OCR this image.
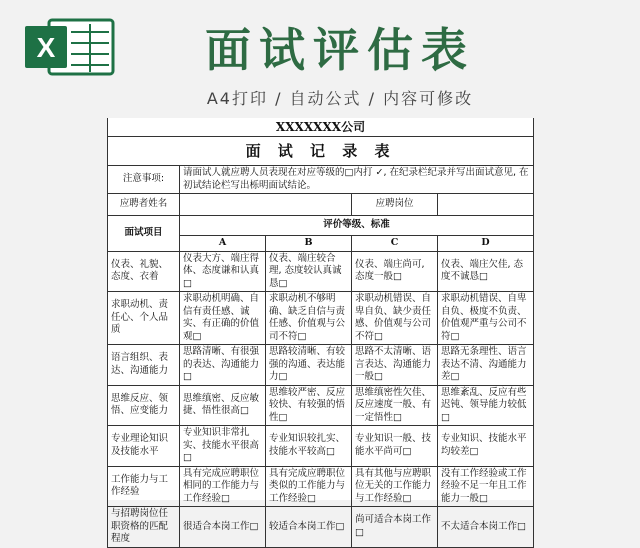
X	面试评估表
A4打印 / 自动公式 / 内容可修改
XXXXXXX公司				
面 试 记 录 表				
注意事项:	请面试人就应聘人员表现在对应等级的□内打 ✓, 在纪录栏纪录并写出面试意见, 在初试结论栏写出栎明面试结论。			
应聘者姓名			应聘岗位	
面试项目	评价等级、标准			
	A	B	C	D
仪表、礼貌、态度、衣着	仪表大方、端庄得体、态度谦和认真□	仪表、端庄较合理, 态度较认真诚恳□	仪表、端庄尚可, 态度一般□	仪表、端庄欠佳, 态度不诚恳□
求职动机、责任心、个人品质	求职动机明确、自信有责任感、诚实、有正确的价值观□	求职动机不够明确、缺乏自信与责任感、价值观与公司不符□	求职动机错误、自卑自负、缺少责任感、价值观与公司不符□	求职动机错误、自卑自负、极度不负责、价值观严重与公司不符□
语言组织、表达、沟通能力	思路清晰、有很强的表达、沟通能力□	思路较清晰、有较强的沟通、表达能力□	思路不太清晰、语言表达、沟通能力一般□	思路无条理性、语言表达不清、沟通能力差□
思维反应、领悟、应变能力	思维缜密、反应敏捷、悟性很高□	思维较严密、反应较快、有较强的悟性□	思维缜密性欠佳、反应速度一般、有一定悟性□	思维紊乱、反应有些迟钝、领导能力较低□
专业理论知识及技能水平	专业知识非常扎实、技能水平很高□	专业知识较扎实、技能水平较高□	专业知识一般、技能水平尚可□	专业知识、技能水平均较差□
工作能力与工作经验	具有完成应聘职位相同的工作能力与工作经验□	具有完成应聘职位类似的工作能力与工作经验□	具有其他与应聘职位无关的工作能力与工作经验□	没有工作经验或工作经验不足一年且工作能力一般□
与招聘岗位任职资格的匹配程度	很适合本岗工作□	较适合本岗工作□	尚可适合本岗工作□	不太适合本岗工作□
